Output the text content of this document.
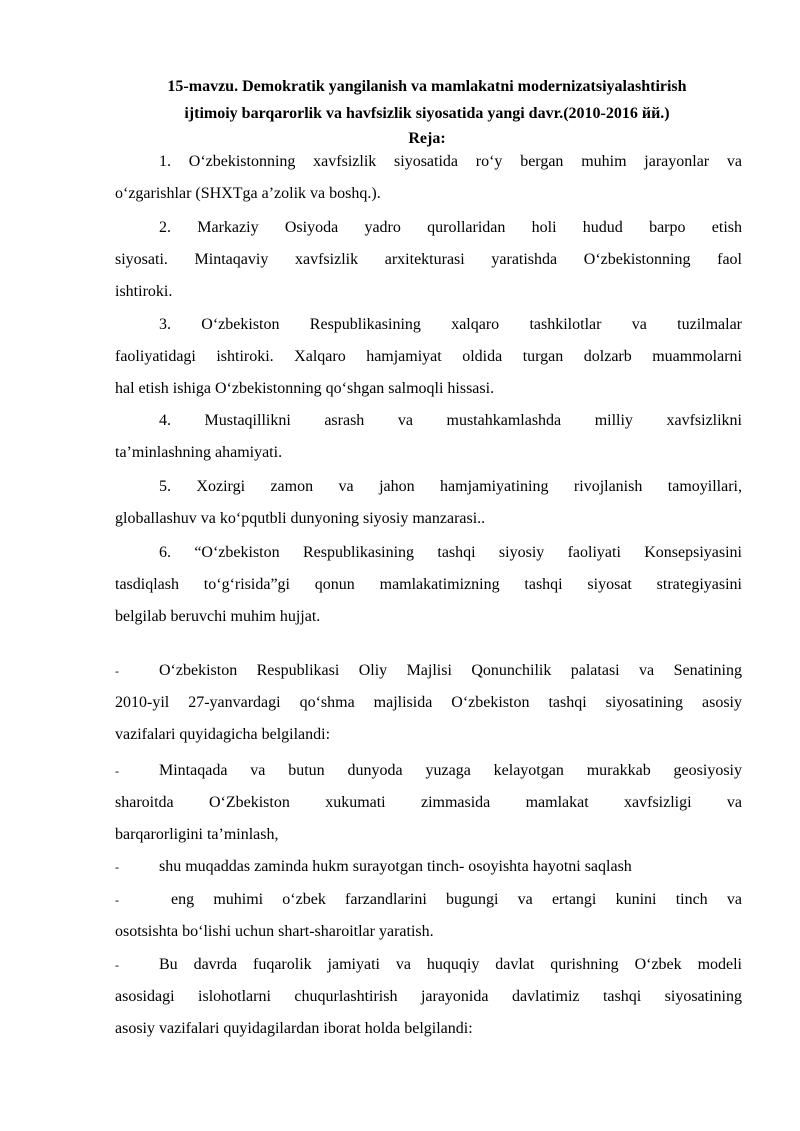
15-mavzu. Demokratik yangilanish va mamlakatni modernizatsiyalashtirish
ijtimoiy barqarorlik va havfsizlik siyosatida yangi davr.(2010-2016 йй.)
Reja:
1. O‘zbekistonning xavfsizlik siyosatida ro‘y bergan muhim jarayonlar va
o‘zgarishlar (SHXTga a’zolik va boshq.).
2. Markaziy Osiyoda yadro qurollaridan holi hudud barpo etish
siyosati. Mintaqaviy xavfsizlik arxitekturasi yaratishda O‘zbekistonning faol
ishtiroki.
3. O‘zbekiston Respublikasining xalqaro tashkilotlar va tuzilmalar
faoliyatidagi ishtiroki. Xalqaro hamjamiyat oldida turgan dolzarb muammolarni
hal etish ishiga O‘zbekistonning qo‘shgan salmoqli hissasi.
4. Mustaqillikni asrash va mustahkamlashda milliy xavfsizlikni
ta’minlashning ahamiyati.
5. Xozirgi zamon va jahon hamjamiyatining rivojlanish tamoyillari,
globallashuv va ko‘pqutbli dunyoning siyosiy manzarasi..
6. “O‘zbekiston Respublikasining tashqi siyosiy faoliyati Konsepsiyasini
tasdiqlash to‘g‘risida”gi qonun mamlakatimizning tashqi siyosat strategiyasini
belgilab beruvchi muhim hujjat.
-	O‘zbekiston Respublikasi Oliy Majlisi Qonunchilik palatasi va Senatining
2010-yil 27-yanvardagi qo‘shma majlisida O‘zbekiston tashqi siyosatining asosiy
vazifalari quyidagicha belgilandi:
-	Mintaqada va butun dunyoda yuzaga kelayotgan murakkab geosiyosiy
sharoitda O‘Zbekiston xukumati zimmasida mamlakat xavfsizligi va
barqarorligini ta’minlash,
-	shu muqaddas zaminda hukm surayotgan tinch- osoyishta hayotni saqlash
-	eng muhimi o‘zbek farzandlarini bugungi va ertangi kunini tinch va
osotsishta bo‘lishi uchun shart-sharoitlar yaratish.
-	Bu davrda fuqarolik jamiyati va huquqiy davlat qurishning O‘zbek modeli
asosidagi islohotlarni chuqurlashtirish jarayonida davlatimiz tashqi siyosatining
asosiy vazifalari quyidagilardan iborat holda belgilandi:
